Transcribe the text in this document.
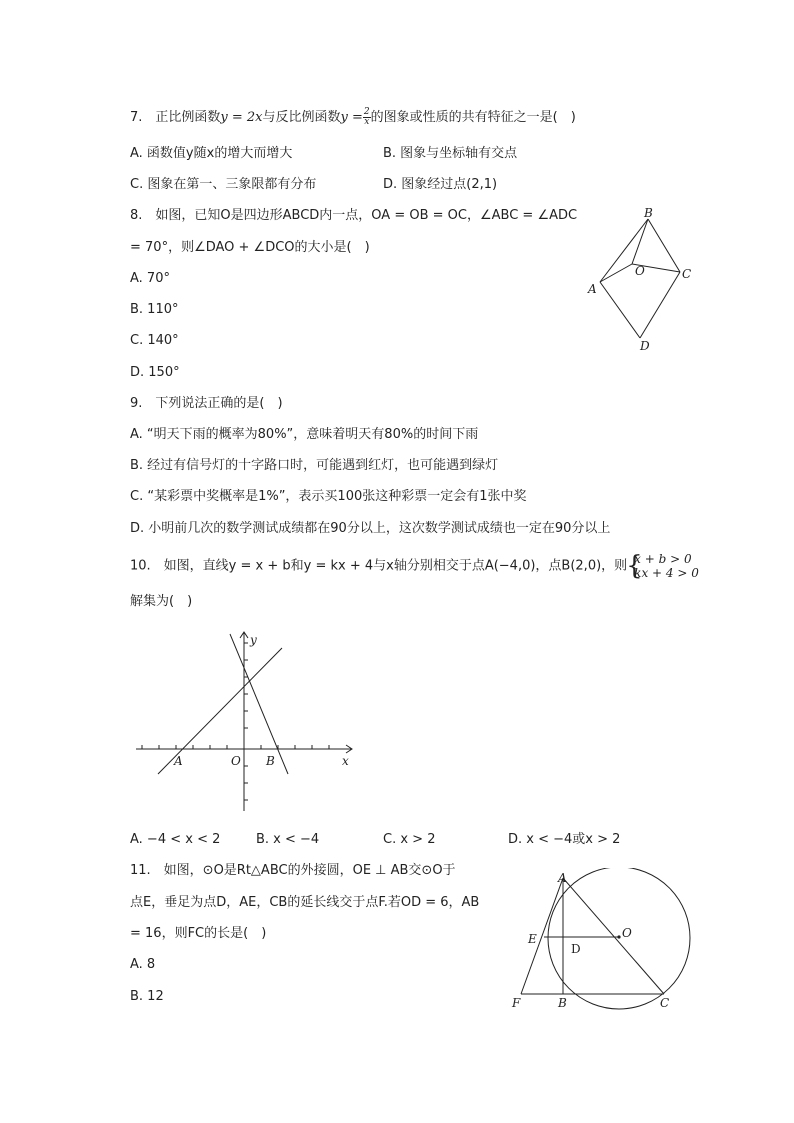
7.　正比例函数y = 2x与反比例函数$y = \frac{2}{x}$ 的图象或性质的共有特征之一是(　)
A. 函数值y随x的增大而增大	B. 图象与坐标轴有交点
C. 图象在第一、三象限都有分布	D. 图象经过点(2,1)
8.　如图，已知O是四边形ABCD内一点，OA = OB = OC，∠ABC = ∠ADC
= 70°，则∠DAO + ∠DCO的大小是(　)
A. 70°
B. 110°
C. 140°
D. 150°
B
C
A
O
D
9.　下列说法正确的是(　)
A. “明天下雨的概率为80%”，意味着明天有80%的时间下雨
B. 经过有信号灯的十字路口时，可能遇到红灯，也可能遇到绿灯
C. “某彩票中奖概率是1%”，表示买100张这种彩票一定会有1张中奖
D. 小明前几次的数学测试成绩都在90分以上，这次数学测试成绩也一定在90分以上
10.　如图，直线y = x + b和y = kx + 4与x轴分别相交于点A(−4,0)，点B(2,0)，则
{ x + b > 0
kx + 4 > 0
解集为(　)
y
x
A	O B
A. −4 < x < 2	B. x < −4	C. x > 2	D. x < −4或x > 2
11.　如图，⊙O是Rt△ABC的外接圆，OE ⊥ AB交⊙O于
点E，垂足为点D，AE，CB的延长线交于点F.若OD = 6，AB
= 16，则FC的长是(　)
A. 8
B. 12
A
E
D
O
F	B	C
